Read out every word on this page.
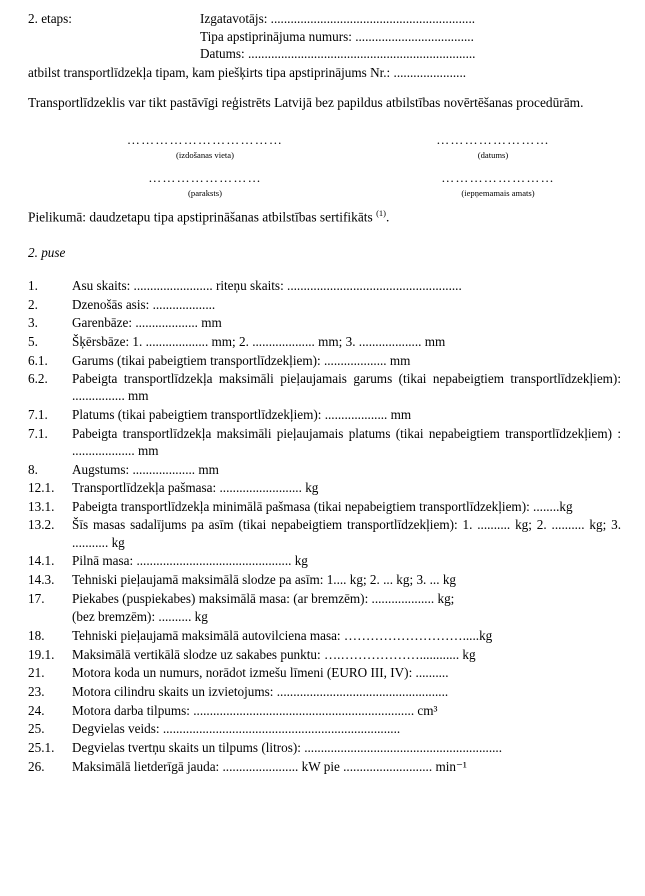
2. etaps:	Izgatavotājs: ..............................................................
Tipa apstiprinājuma numurs: ....................................
Datums: .....................................................................
atbilst transportlīdzekļa tipam, kam piešķirts tipa apstiprinājums Nr.: ......................
Transportlīdzeklis var tikt pastāvīgi reģistrēts Latvijā bez papildus atbilstības novērtēšanas procedūrām.
……………………………
(izdošanas vieta)
……………………
(datums)
……………………
(paraksts)
……………………
(iepņemamais amats)
Pielikumā: daudzetapu tipa apstiprināšanas atbilstības sertifikāts $^{(1)}$.
2. puse
1.	Asu skaits: ........................ riteņu skaits: .....................................................
2.	Dzenošās asis: ...................
3.	Garenbāze: ................... mm
5.	Šķērsbāze: 1. ................... mm; 2. ................... mm; 3. ................... mm
6.1.	Garums (tikai pabeigtiem transportlīdzekļiem): ................... mm
6.2.	Pabeigta transportlīdzekļa maksimāli pieļaujamais garums (tikai nepabeigtiem transportlīdzekļiem): ................ mm
7.1.	Platums (tikai pabeigtiem transportlīdzekļiem): ................... mm
7.1.	Pabeigta transportlīdzekļa maksimāli pieļaujamais platums (tikai nepabeigtiem transportlīdzekļiem) : ................... mm
8.	Augstums: ................... mm
12.1.	Transportlīdzekļa pašmasa: ......................... kg
13.1.	Pabeigta transportlīdzekļa minimālā pašmasa (tikai nepabeigtiem transportlīdzekļiem): ........kg
13.2.	Šīs masas sadalījums pa asīm (tikai nepabeigtiem transportlīdzekļiem): 1. .......... kg; 2. .......... kg; 3. ........... kg
14.1.	Pilnā masa: ............................................... kg
14.3.	Tehniski pieļaujamā maksimālā slodze pa asīm: 1.... kg; 2. ... kg; 3. ... kg
17.	Piekabes (puspiekabes) maksimālā masa: (ar bremzēm): ................... kg;
(bez bremzēm): .......... kg
18.	Tehniski pieļaujamā maksimālā autovilciena masa: ……………………….....kg
19.1.	Maksimālā vertikālā slodze uz sakabes punktu: ….………………............ kg
21.	Motora koda un numurs, norādot izmešu līmeni (EURO III, IV): ..........
23.	Motora cilindru skaits un izvietojums: ....................................................
24.	Motora darba tilpums: ................................................................... cm³
25.	Degvielas veids: ........................................................................
25.1.	Degvielas tvertņu skaits un tilpums (litros): ............................................................
26.	Maksimālā lietderīgā jauda: ....................... kW pie ........................... min⁻¹
